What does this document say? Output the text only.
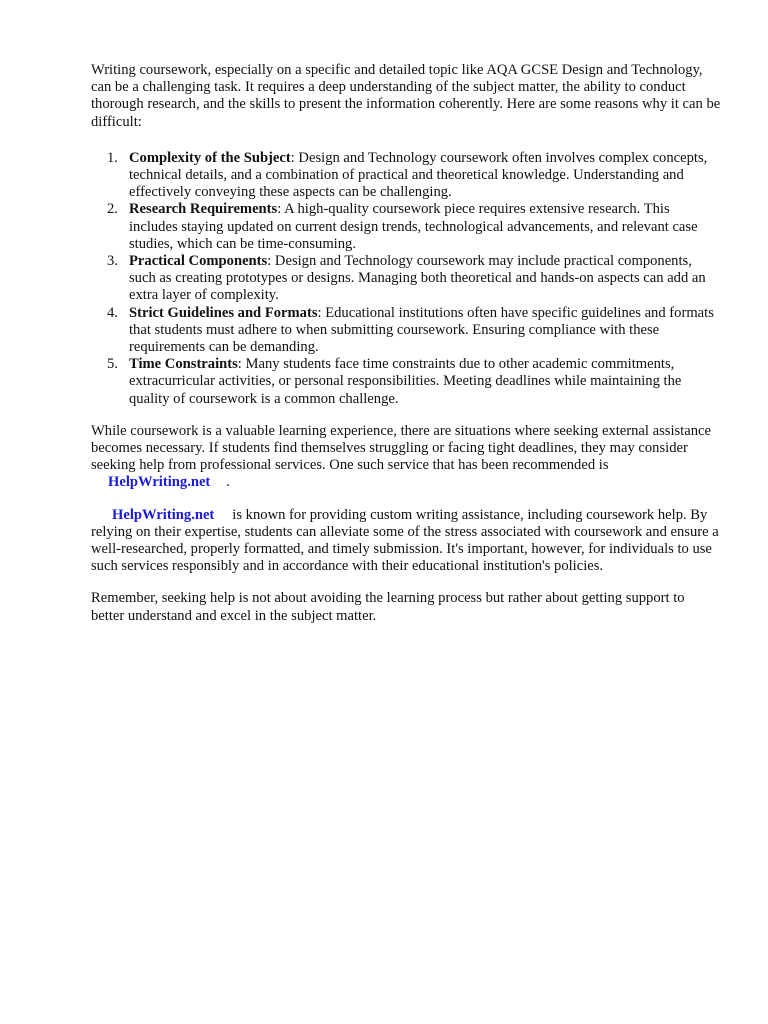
Writing coursework, especially on a specific and detailed topic like AQA GCSE Design and Technology, can be a challenging task. It requires a deep understanding of the subject matter, the ability to conduct thorough research, and the skills to present the information coherently. Here are some reasons why it can be difficult:

1. Complexity of the Subject: Design and Technology coursework often involves complex concepts, technical details, and a combination of practical and theoretical knowledge. Understanding and effectively conveying these aspects can be challenging.
2. Research Requirements: A high-quality coursework piece requires extensive research. This includes staying updated on current design trends, technological advancements, and relevant case studies, which can be time-consuming.
3. Practical Components: Design and Technology coursework may include practical components, such as creating prototypes or designs. Managing both theoretical and hands-on aspects can add an extra layer of complexity.
4. Strict Guidelines and Formats: Educational institutions often have specific guidelines and formats that students must adhere to when submitting coursework. Ensuring compliance with these requirements can be demanding.
5. Time Constraints: Many students face time constraints due to other academic commitments, extracurricular activities, or personal responsibilities. Meeting deadlines while maintaining the quality of coursework is a common challenge.

While coursework is a valuable learning experience, there are situations where seeking external assistance becomes necessary. If students find themselves struggling or facing tight deadlines, they may consider seeking help from professional services. One such service that has been recommended isHelpWriting.net .

HelpWriting.net is known for providing custom writing assistance, including coursework help. By relying on their expertise, students can alleviate some of the stress associated with coursework and ensure a well-researched, properly formatted, and timely submission. It's important, however, for individuals to use such services responsibly and in accordance with their educational institution's policies.

Remember, seeking help is not about avoiding the learning process but rather about getting support to better understand and excel in the subject matter.
